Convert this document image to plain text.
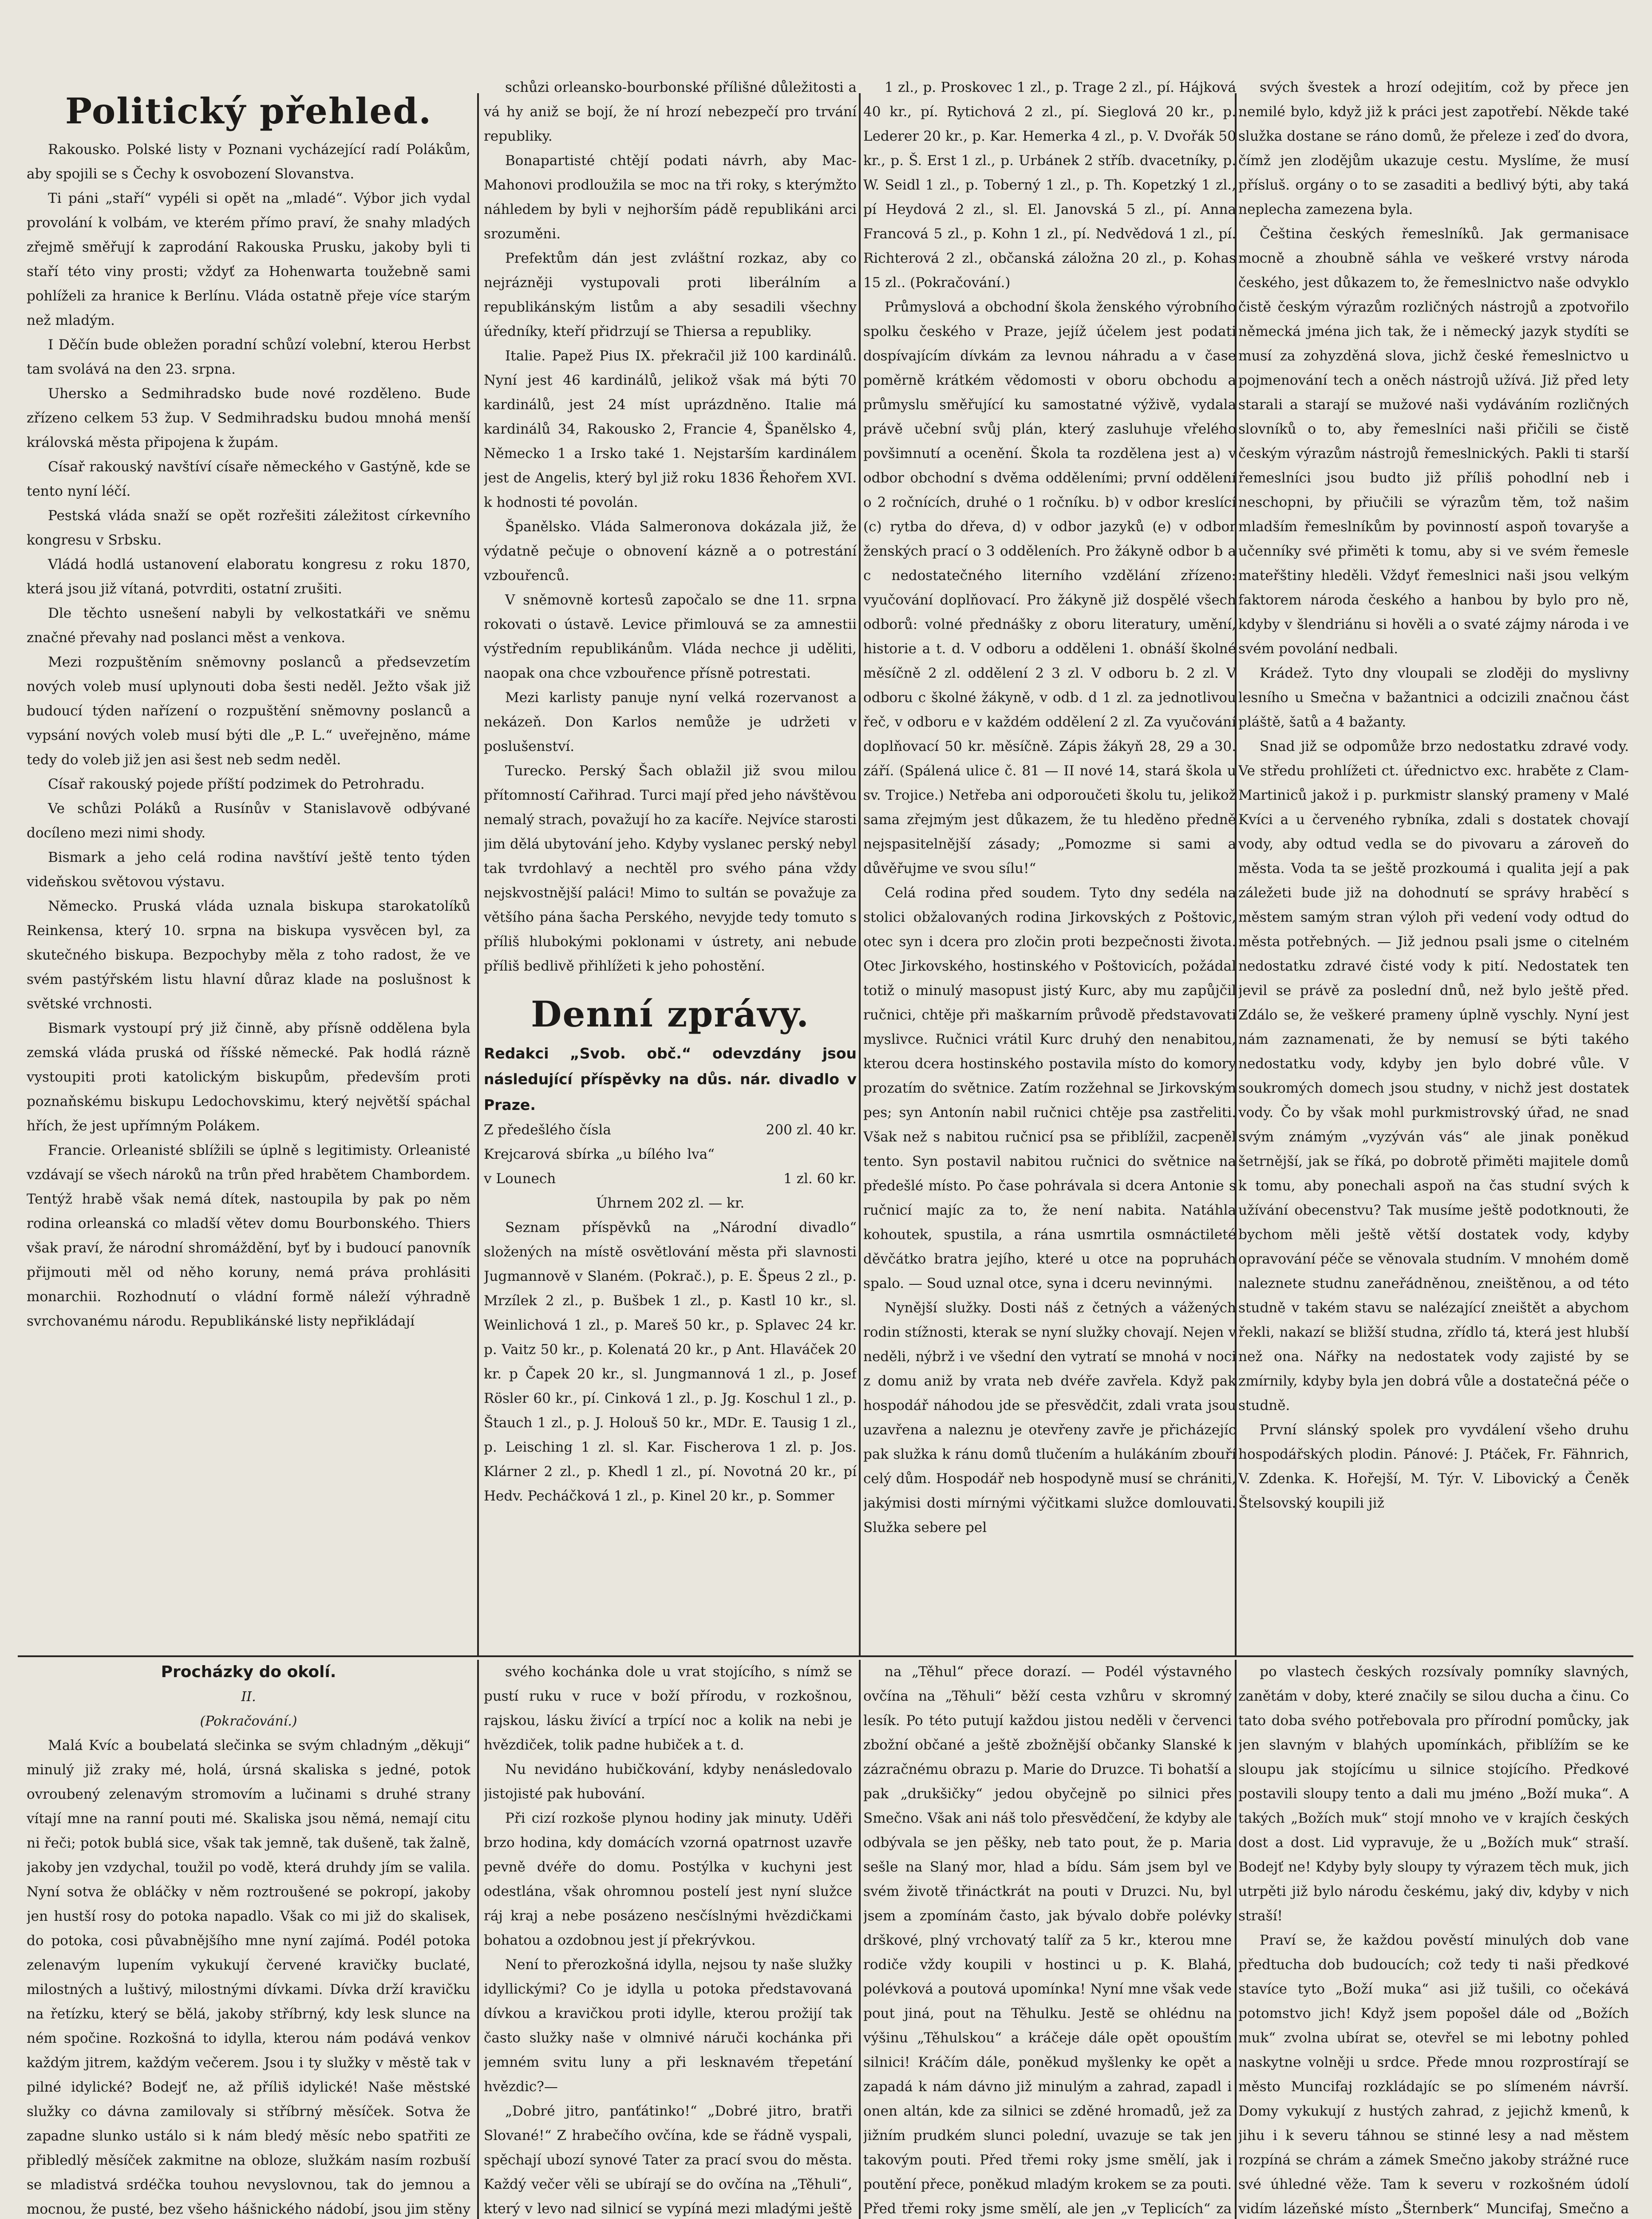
Politický přehled.

Rakousko. Polské listy v Poznani vycházející radí Polákům, aby spojili se s Čechy k osvobození Slovanstva.

Ti páni „staří“ vypéli si opět na „mladé“. Výbor jich vydal provolání k volbám, ve kterém přímo praví, že snahy mladých zřejmě směřují k zaprodání Rakouska Prusku, jakoby byli ti staří této viny prosti; vždyť za Hohenwarta toužebně sami pohlíželi za hranice k Berlínu. Vláda ostatně přeje více starým než mladým.

I Děčín bude obležen poradní schůzí volební, kterou Herbst tam svolává na den 23. srpna.

Uhersko a Sedmihradsko bude nové rozděleno. Bude zřízeno celkem 53 žup. V Sedmihradsku budou mnohá menší královská města připojena k župám.

Císař rakouský navštíví císaře německého v Gastýně, kde se tento nyní léčí.

Pestská vláda snaží se opět rozřešiti záležitost církevního kongresu v Srbsku.

Vládá hodlá ustanovení elaboratu kongresu z roku 1870, která jsou již vítaná, potvrditi, ostatní zrušiti.

Dle těchto usnešení nabyli by velkostatkáři ve sněmu značné převahy nad poslanci měst a venkova.

Mezi rozpuštěním sněmovny poslanců a předsevzetím nových voleb musí uplynouti doba šesti neděl. Ježto však již budoucí týden nařízení o rozpuštění sněmovny poslanců a vypsání nových voleb musí býti dle „P. L.“ uveřejněno, máme tedy do voleb již jen asi šest neb sedm neděl.

Císař rakouský pojede příští podzimek do Petrohradu.

Ve schůzi Poláků a Rusínův v Stanislavově odbývané docíleno mezi nimi shody.

Bismark a jeho celá rodina navštíví ještě tento týden videňskou světovou výstavu.

Německo. Pruská vláda uznala biskupa starokatolíků Reinkensa, který 10. srpna na biskupa vysvěcen byl, za skutečného biskupa. Bezpochyby měla z toho radost, že ve svém pastýřském listu hlavní důraz klade na poslušnost k světské vrchnosti.

Bismark vystoupí prý již činně, aby přísně oddělena byla zemská vláda pruská od říšské německé. Pak hodlá rázně vystoupiti proti katolickým biskupům, především proti poznaňskému biskupu Ledochovskimu, který největší spáchal hřích, že jest upřímným Polákem.

Francie. Orleanisté sblížili se úplně s legitimisty. Orleanisté vzdávají se všech nároků na trůn před hrabětem Chambordem. Tentýž hrabě však nemá dítek, nastoupila by pak po něm rodina orleanská co mladší větev domu Bourbonského. Thiers však praví, že národní shromáždění, byť by i budoucí panovník přijmouti měl od něho koruny, nemá práva prohlásiti monarchii. Rozhodnutí o vládní formě náleží výhradně svrchovanému národu. Republikánské listy nepřikládají

schůzi orleansko-bourbonské přílišné důležitosti a vá hy aniž se bojí, že ní hrozí nebezpečí pro trvání republiky.

Bonapartisté chtějí podati návrh, aby Mac-Mahonovi prodloužila se moc na tři roky, s kterýmžto náhledem by byli v nejhorším pádě republikáni arci srozuměni.

Prefektům dán jest zvláštní rozkaz, aby co nejrázněji vystupovali proti liberálním a republikánským listům a aby sesadili všechny úředníky, kteří přidrzují se Thiersa a republiky.

Italie. Papež Pius IX. překračil již 100 kardinálů. Nyní jest 46 kardinálů, jelikož však má býti 70 kardinálů, jest 24 míst uprázdněno. Italie má kardinálů 34, Rakousko 2, Francie 4, Španělsko 4, Německo 1 a Irsko také 1. Nejstarším kardinálem jest de Angelis, který byl již roku 1836 Řehořem XVI. k hodnosti té povolán.

Španělsko. Vláda Salmeronova dokázala již, že výdatně pečuje o obnovení kázně a o potrestání vzbouřenců.

V sněmovně kortesů započalo se dne 11. srpna rokovati o ústavě. Levice přimlouvá se za amnestii výstředním republikánům. Vláda nechce ji uděliti, naopak ona chce vzbouřence přísně potrestati.

Mezi karlisty panuje nyní velká rozervanost a nekázeň. Don Karlos nemůže je udržeti v poslušenství.

Turecko. Perský Šach oblažil již svou milou přítomností Cařihrad. Turci mají před jeho návštěvou nemalý strach, považují ho za kacíře. Nejvíce starosti jim dělá ubytování jeho. Kdyby vyslanec perský nebyl tak tvrdohlavý a nechtěl pro svého pána vždy nejskvostnější paláci! Mimo to sultán se považuje za většího pána šacha Perského, nevyjde tedy tomuto s příliš hlubokými poklonami v ústrety, ani nebude příliš bedlivě přihlížeti k jeho pohostění.

Denní zprávy.

Redakci „Svob. obč.“ odevzdány jsou následující příspěvky na důs. nár. divadlo v Praze.

Z předešlého čísla	200 zl. 40 kr.
Krejcarová sbírka „u bílého lva“ v Lounech	1 zl. 60 kr.
Úhrnem 202 zl. — kr.

Seznam příspěvků na „Národní divadlo“ složených na místě osvětlování města při slavnosti Jugmannově v Slaném. (Pokrač.), p. E. Špeus 2 zl., p. Mrzílek 2 zl., p. Bušbek 1 zl., p. Kastl 10 kr., sl. Weinlichová 1 zl., p. Mareš 50 kr., p. Splavec 24 kr. p. Vaitz 50 kr., p. Kolenatá 20 kr., p Ant. Hlaváček 20 kr. p Čapek 20 kr., sl. Jungmannová 1 zl., p. Josef Rösler 60 kr., pí. Cinková 1 zl., p. Jg. Koschul 1 zl., p. Štauch 1 zl., p. J. Holouš 50 kr., MDr. E. Tausig 1 zl., p. Leisching 1 zl. sl. Kar. Fischerova 1 zl. p. Jos. Klárner 2 zl., p. Khedl 1 zl., pí. Novotná 20 kr., pí Hedv. Pecháčková 1 zl., p. Kinel 20 kr., p. Sommer

1 zl., p. Proskovec 1 zl., p. Trage 2 zl., pí. Hájková 40 kr., pí. Rytichová 2 zl., pí. Sieglová 20 kr., p. Lederer 20 kr., p. Kar. Hemerka 4 zl., p. V. Dvořák 50 kr., p. Š. Erst 1 zl., p. Urbánek 2 stříb. dvacetníky, p. W. Seidl 1 zl., p. Toberný 1 zl., p. Th. Kopetzký 1 zl., pí Heydová 2 zl., sl. El. Janovská 5 zl., pí. Anna Francová 5 zl., p. Kohn 1 zl., pí. Nedvědová 1 zl., pí. Richterová 2 zl., občanská záložna 20 zl., p. Kohas 15 zl.. (Pokračování.)

Průmyslová a obchodní škola ženského výrobního spolku českého v Praze, jejíž účelem jest podati dospívajícím dívkám za levnou náhradu a v čase poměrně krátkém vědomosti v oboru obchodu a průmyslu směřující ku samostatné výživě, vydala právě učební svůj plán, který zasluhuje vřelého povšimnutí a ocenění. Škola ta rozdělena jest a) v odbor obchodní s dvěma odděleními; první oddělení o 2 ročnících, druhé o 1 ročníku. b) v odbor kreslící (c) rytba do dřeva, d) v odbor jazyků (e) v odbor ženských prací o 3 odděleních. Pro žákyně odbor b a c nedostatečného literního vzdělání zřízeno: vyučování doplňovací. Pro žákyně již dospělé všech odborů: volné přednášky z oboru literatury, umění, historie a t. d. V odboru a odděleni 1. obnáší školné měsíčně 2 zl. oddělení 2 3 zl. V odboru b. 2 zl. V odboru c školné žákyně, v odb. d 1 zl. za jednotlivou řeč, v odboru e v každém oddělení 2 zl. Za vyučování doplňovací 50 kr. měsíčně. Zápis žákyň 28, 29 a 30. září. (Spálená ulice č. 81 — II nové 14, stará škola u sv. Trojice.) Netřeba ani odporoučeti školu tu, jelikož sama zřejmým jest důkazem, že tu hleděno předně nejspasitelnější zásady; „Pomozme si sami a důvěřujme ve svou sílu!“

Celá rodina před soudem. Tyto dny sedéla na stolici obžalovaných rodina Jirkovských z Poštovic, otec syn i dcera pro zločin proti bezpečnosti života. Otec Jirkovského, hostinského v Poštovicích, požádal totiž o minulý masopust jistý Kurc, aby mu zapůjčil ručnici, chtěje při maškarním průvodě představovati myslivce. Ručnici vrátil Kurc druhý den nenabitou, kterou dcera hostinského postavila místo do komory prozatím do světnice. Zatím rozžehnal se Jirkovským pes; syn Antonín nabil ručnici chtěje psa zastřeliti. Však než s nabitou ručnicí psa se přiblížil, zacpeněl tento. Syn postavil nabitou ručnici do světnice na předešlé místo. Po čase pohrávala si dcera Antonie s ručnicí majíc za to, že není nabita. Natáhla kohoutek, spustila, a rána usmrtila osmnáctileté děvčátko bratra jejího, které u otce na popruhách spalo. — Soud uznal otce, syna i dceru nevinnými.

Nynější služky. Dosti náš z četných a vážených rodin stížnosti, kterak se nyní služky chovají. Nejen v neděli, nýbrž i ve všední den vytratí se mnohá v noci z domu aniž by vrata neb dvéře zavřela. Když pak hospodář náhodou jde se přesvědčit, zdali vrata jsou uzavřena a naleznu je otevřeny zavře je přicházejíc pak služka k ránu domů tlučením a hulákáním zbouří celý dům. Hospodář neb hospodyně musí se chrániti, jakýmisi dosti mírnými výčitkami služce domlouvati. Služka sebere pel

svých švestek a hrozí odejitím, což by přece jen nemilé bylo, když již k práci jest zapotřebí. Někde také služka dostane se ráno domů, že přeleze i zeď do dvora, čímž jen zlodějům ukazuje cestu. Myslíme, že musí přísluš. orgány o to se zasaditi a bedlivý býti, aby taká neplecha zamezena byla.

Čeština českých řemeslníků. Jak germanisace mocně a zhoubně sáhla ve veškeré vrstvy národa českého, jest důkazem to, že řemeslnictvo naše odvyklo čistě českým výrazům rozličných nástrojů a zpotvořilo německá jména jich tak, že i německý jazyk stydíti se musí za zohyzděná slova, jichž české řemeslnictvo u pojmenování tech a oněch nástrojů užívá. Již před lety starali a starají se mužové naši vydáváním rozličných slovníků o to, aby řemeslníci naši přičili se čistě českým výrazům nástrojů řemeslnických. Pakli ti starší řemeslníci jsou budto již příliš pohodlní neb i neschopni, by přiučili se výrazům těm, tož našim mladším řemeslníkům by povinností aspoň tovaryše a učenníky své přiměti k tomu, aby si ve svém řemesle mateřštiny hleděli. Vždyť řemeslnici naši jsou velkým faktorem národa českého a hanbou by bylo pro ně, kdyby v šlendriánu si hověli a o svaté zájmy národa i ve svém povolání nedbali.

Krádež. Tyto dny vloupali se zloději do myslivny lesního u Smečna v bažantnici a odcizili značnou část pláště, šatů a 4 bažanty.

Snad již se odpomůže brzo nedostatku zdravé vody. Ve středu prohlížeti ct. úřednictvo exc. hraběte z Clam-Martiniců jakož i p. purkmistr slanský prameny v Malé Kvíci a u červeného rybníka, zdali s dostatek chovají vody, aby odtud vedla se do pivovaru a zároveň do města. Voda ta se ještě prozkoumá i qualita její a pak záležeti bude již na dohodnutí se správy hraběcí s městem samým stran výloh při vedení vody odtud do města potřebných. — Již jednou psali jsme o citelném nedostatku zdravé čisté vody k pití. Nedostatek ten jevil se právě za poslední dnů, než bylo ještě před. Zdálo se, že veškeré prameny úplně vyschly. Nyní jest nám zaznamenati, že by nemusí se býti takého nedostatku vody, kdyby jen bylo dobré vůle. V soukromých domech jsou studny, v nichž jest dostatek vody. Čo by však mohl purkmistrovský úřad, ne snad svým známým „vyzýván vás“ ale jinak poněkud šetrnější, jak se říká, po dobrotě přiměti majitele domů k tomu, aby ponechali aspoň na čas studní svých k užívání obecenstvu? Tak musíme ještě podotknouti, že bychom měli ještě větší dostatek vody, kdyby opravování péče se věnovala studním. V mnohém domě naleznete studnu zaneřádněnou, zneištěnou, a od této studně v takém stavu se nalézající zneištět a abychom řekli, nakazí se bližší studna, zřídlo tá, která jest hlubší než ona. Nářky na nedostatek vody zajisté by se zmírnily, kdyby byla jen dobrá vůle a dostatečná péče o studně.

První slánský spolek pro vyvdálení všeho druhu hospodářských plodin. Pánové: J. Ptáček, Fr. Fähnrich, V. Zdenka. K. Hořejší, M. Týr. V. Libovický a Čeněk Štelsovský koupili již

Procházky do okolí.
II.
(Pokračování.)

Malá Kvíc a boubelatá slečinka se svým chladným „děkuji“ minulý již zraky mé, holá, úrsná skaliska s jedné, potok ovroubený zelenavým stromovím a lučinami s druhé strany vítají mne na ranní pouti mé. Skaliska jsou němá, nemají citu ni řeči; potok bublá sice, však tak jemně, tak dušeně, tak žalně, jakoby jen vzdychal, toužil po vodě, která druhdy jím se valila. Nyní sotva že obláčky v něm roztroušené se pokropí, jakoby jen hustší rosy do potoka napadlo. Však co mi již do skalisek, do potoka, cosi půvabnějšího mne nyní zajímá. Podél potoka zelenavým lupením vykukují červené kravičky buclaté, milostných a luštivý, milostnými dívkami. Dívka drží kravičku na řetízku, který se bělá, jakoby stříbrný, kdy lesk slunce na ném spočine. Rozkošná to idylla, kterou nám podává venkov každým jitrem, každým večerem. Jsou i ty služky v městě tak v pilné idylické? Bodejť ne, až příliš idylické! Naše městské služky co dávna zamilovaly si stříbrný měsíček. Sotva že zapadne slunko ustálo si k nám bledý měsíc nebo spatřiti ze přibledlý měsíček zakmitne na obloze, služkám nasím rozbuší se mladistvá srdéčka touhou nevyslovnou, tak do jemnou a mocnou, že pusté, bez všeho hášnického nádobí, jsou jim stěny

svého kochánka dole u vrat stojícího, s nímž se pustí ruku v ruce v boží přírodu, v rozkošnou, rajskou, lásku živící a trpící noc a kolik na nebi je hvězdiček, tolik padne hubiček a t. d.

Nu nevidáno hubičkování, kdyby nenásledovalo jistojisté pak hubování.

Při cizí rozkoše plynou hodiny jak minuty. Uděři brzo hodina, kdy domácích vzorná opatrnost uzavře pevně dvéře do domu. Postýlka v kuchyni jest odestlána, však ohromnou postelí jest nyní služce ráj kraj a nebe posázeno nesčíslnými hvězdičkami bohatou a ozdobnou jest jí překrývkou.

Není to přerozkošná idylla, nejsou ty naše služky idyllickými? Co je idylla u potoka představovaná dívkou a kravičkou proti idylle, kterou prožijí tak často služky naše v olmnivé náruči kochánka při jemném svitu luny a při lesknavém třepetání hvězdic?—

„Dobré jitro, panťátinko!“ „Dobré jitro, bratři Slované!“ Z hrabečího ovčína, kde se řádně vyspali, spěchají ubozí synové Tater za prací svou do města. Každý večer věli se ubírají se do ovčína na „Těhuli“, který v levo nad silnicí se vypíná mezi mladými ještě

na „Těhul“ přece dorazí. — Podél výstavného ovčína na „Těhuli“ běží cesta vzhůru v skromný lesík. Po této putují každou jistou neděli v červenci zbožní občané a ještě zbožnější občanky Slanské k zázračnému obrazu p. Marie do Druzce. Ti bohatší a pak „drukšičky“ jedou obyčejně po silnici přes Smečno. Však ani náš tolo přesvědčení, že kdyby ale odbývala se jen pěšky, neb tato pout, že p. Maria sešle na Slaný mor, hlad a bídu. Sám jsem byl ve svém životě třináctkrát na pouti v Druzci. Nu, byl jsem a zpomínám často, jak bývalo dobře polévky drškové, plný vrchovatý talíř za 5 kr., kterou mne rodiče vždy koupili v hostinci u p. K. Blahá, polévková a poutová upomínka! Nyní mne však vede pout jiná, pout na Těhulku. Jestě se ohlédnu na výšinu „Těhulskou“ a kráčeje dále opět opouštím silnici! Kráčím dále, poněkud myšlenky ke opět a zapadá k nám dávno již minulým a zahrad, zapadl i onen altán, kde za silnici se zděné hromadů, jež za jižním prudkém slunci polední, uvazuje se tak jen takovým pouti. Před třemi roky jsme smělí, jak i poutění přece, poněkud mladým krokem se za pouti. Před třemi roky jsme smělí, ale jen „v Teplicích“ za

po vlastech českých rozsívaly pomníky slavných, zanětám v doby, které značily se silou ducha a činu. Co tato doba svého potřebovala pro přírodní pomůcky, jak jen slavným v blahých upomínkách, přiblížím se ke sloupu jak stojícímu u silnice stojícího. Předkové postavili sloupy tento a dali mu jméno „Boží muka“. A takých „Božích muk“ stojí mnoho ve v krajích českých dost a dost. Lid vypravuje, že u „Božích muk“ straší. Bodejť ne! Kdyby byly sloupy ty výrazem těch muk, jich utrpěti již bylo národu českému, jaký div, kdyby v nich straší!

Praví se, že každou pověstí minulých dob vane předtucha dob budoucích; což tedy ti naši předkové stavíce tyto „Boží muka“ asi již tušili, co očekává potomstvo jich! Když jsem popošel dále od „Božích muk“ zvolna ubírat se, otevřel se mi lebotny pohled naskytne volněji u srdce. Přede mnou rozprostírají se město Muncifaj rozkládajíc se po slímeném návrší. Domy vykukují z hustých zahrad, z jejichž kmenů, k jihu i k severu táhnou se stinné lesy a nad městem rozpíná se chrám a zámek Smečno jakoby strážné ruce své úhledné věže. Tam k severu v rozkošném údolí vidím lázeňské místo „Šternberk“ Muncifaj, Smečno a
